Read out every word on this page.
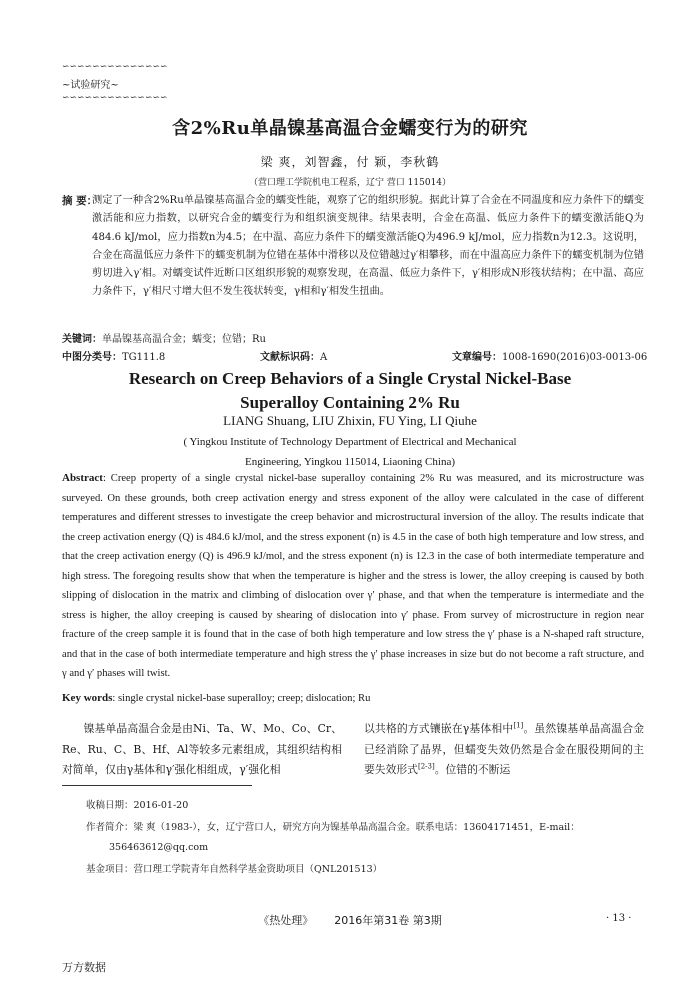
∽∽∽∽∽∽∽∽∽∽∽∽∽∽
~试验研究~
∽∽∽∽∽∽∽∽∽∽∽∽∽∽
含2%Ru单晶镍基高温合金蠕变行为的研究
梁 爽，刘智鑫，付 颖，李秋鹤
（营口理工学院机电工程系，辽宁 营口 115014）
摘 要：
测定了一种含2%Ru单晶镍基高温合金的蠕变性能，观察了它的组织形貌。据此计算了合金在不同温度和应力条件下的蠕变激活能和应力指数，以研究合金的蠕变行为和组织演变规律。结果表明，合金在高温、低应力条件下的蠕变激活能Q为484.6 kJ/mol，应力指数n为4.5；在中温、高应力条件下的蠕变激活能Q为496.9 kJ/mol，应力指数n为12.3。这说明，合金在高温低应力条件下的蠕变机制为位错在基体中滑移以及位错越过γ′相攀移，而在中温高应力条件下的蠕变机制为位错剪切进入γ′相。对蠕变试件近断口区组织形貌的观察发现，在高温、低应力条件下，γ′相形成N形筏状结构；在中温、高应力条件下，γ′相尺寸增大但不发生筏状转变，γ相和γ′相发生扭曲。
关键词：单晶镍基高温合金；蠕变；位错；Ru
中图分类号：TG111.8	文献标识码：A	文章编号：1008-1690(2016)03-0013-06
Research on Creep Behaviors of a Single Crystal Nickel-Base
Superalloy Containing 2% Ru
LIANG Shuang, LIU Zhixin, FU Ying, LI Qiuhe
( Yingkou Institute of Technology Department of Electrical and Mechanical
Engineering, Yingkou 115014, Liaoning China)
Abstract: Creep property of a single crystal nickel-base superalloy containing 2% Ru was measured, and its microstructure was surveyed. On these grounds, both creep activation energy and stress exponent of the alloy were calculated in the case of different temperatures and different stresses to investigate the creep behavior and microstructural inversion of the alloy. The results indicate that the creep activation energy (Q) is 484.6 kJ/mol, and the stress exponent (n) is 4.5 in the case of both high temperature and low stress, and that the creep activation energy (Q) is 496.9 kJ/mol, and the stress exponent (n) is 12.3 in the case of both intermediate temperature and high stress. The foregoing results show that when the temperature is higher and the stress is lower, the alloy creeping is caused by both slipping of dislocation in the matrix and climbing of dislocation over γ′ phase, and that when the temperature is intermediate and the stress is higher, the alloy creeping is caused by shearing of dislocation into γ′ phase. From survey of microstructure in region near fracture of the creep sample it is found that in the case of both high temperature and low stress the γ′ phase is a N-shaped raft structure, and that in the case of both intermediate temperature and high stress the γ′ phase increases in size but do not become a raft structure, and γ and γ′ phases will twist.
Key words: single crystal nickel-base superalloy; creep; dislocation; Ru
镍基单晶高温合金是由Ni、Ta、W、Mo、Co、Cr、Re、Ru、C、B、Hf、Al等较多元素组成，其组织结构相对简单，仅由γ基体和γ′强化相组成，γ′强化相
以共格的方式镶嵌在γ基体相中[1]。虽然镍基单晶高温合金已经消除了晶界，但蠕变失效仍然是合金在服役期间的主要失效形式[2-3]。位错的不断运
收稿日期：2016-01-20
作者简介：梁 爽（1983-），女，辽宁营口人，研究方向为镍基单晶高温合金。联系电话：13604171451，E-mail：
356463612@qq.com
基金项目：营口理工学院青年自然科学基金资助项目（QNL201513）
《热处理》 2016年第31卷 第3期	· 13 ·
万方数据
